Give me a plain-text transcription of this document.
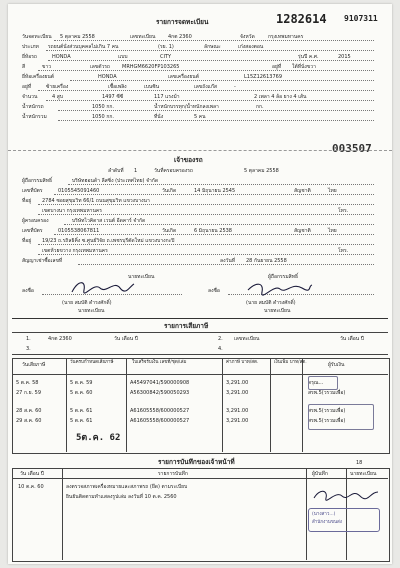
รายการจดทะเบียน	1282614 9107311
วันจดทะเบียน 5 ตุลาคม 2558	เลขทะเบียน	4กต 2360	จังหวัด	กรุงเทพมหานคร
ประเภท รถยนต์นั่งส่วนบุคคลไม่เกิน 7 คน	(รย. 1)	ลักษณะ	เก๋งสองตอน
ยี่ห้อรถ	HONDA	แบบ	CITY	รุ่นปี ค.ศ.	2015
สี	ขาว	เลขตัวรถ MRHGM6620FP103265	อยู่ที่ ใต้ที่นั่งขวา
ยี่ห้อเครื่องยนต์	HONDA	เลขเครื่องยนต์	L15Z12613769
อยู่ที่	ซ้ายเครื่อง	เชื้อเพลิง	เบนซิน	เลขถังแก๊ส	-
จำนวน	4 สูบ	1497 ซีซี	117 แรงม้า	2 เพลา 4 ล้อ ยาง 4 เส้น
น้ำหนักรถ	1050 กก.	น้ำหนักบรรทุก/น้ำหนักลงเพลา	กก.
น้ำหนักรวม	1050 กก.	ที่นั่ง	5 คน
003507
เจ้าของรถ
ลำดับที่ 1	วันที่ครอบครองรถ	5 ตุลาคม 2558
ผู้ถือกรรมสิทธิ์	บริษัทฮอนด้า ลีสซิ่ง (ประเทศไทย) จำกัด
เลขที่บัตร	0105545091460	วันเกิด	14 มิถุนายน 2545	สัญชาติ	ไทย
ที่อยู่ 2784 ซอยสุขุมวิท 66/1 ถนนสุขุมวิท แขวงบางนา
เขตบางนา กรุงเทพมหานคร	โทร.
ผู้ครอบครอง	บริษัทไวคิดาส เวนต์ อีดคาร์ จำกัด
เลขที่บัตร	0105538067811	วันเกิด	6 มิถุนายน 2538	สัญชาติ	ไทย
ที่อยู่ 19/23 ถ.รถิลธิคิ๋ง ซ.ศูนย์วิจัย ถ.เพชรบุรีตัดใหม่ แขวงบางกะปิ
เขตห้วยขวาง กรุงเทพมหานคร	โทร.
สัญญาเช่าซื้อเลขที่	ลงวันที่ 28 กันยายน 2558
นายทะเบียน	ผู้ถือกรรมสิทธิ์
ลงชื่อ	ลงชื่อ
(นาย สมบัติ ดำรงศักดิ์)	(นาย สมบัติ ดำรงศักดิ์)
นายทะเบียน	นายทะเบียน
รายการเสียภาษี
1.	4กต 2360	วัน เดือน ปี	2. เลขทะเบียน	วัน เดือน ปี
3.	4.
วันเสียภาษี	วันครบกำหนดเสียภาษี	ใบเสร็จรับเงิน เลขที่/ชุด/เล่ม	ค่าภาษี บาท/สต.	เงินเพิ่ม บาท/สต.	ผู้รับเงิน
5 ต.ค. 58	5 ต.ค. 59	A45497041/590000908	3,291.00	ดรุณ...
27 ก.ย. 59	5 ต.ค. 60	A56300842/590050293	3,291.00	สรพ.5(วรวมเพื่อ)
28 ส.ค. 60	5 ต.ค. 61	A61605558/600000527	3,291.00	สรพ.5(วรวมเพื่อ)
29 ส.ค. 60	5 ต.ค. 61	A61605558/600000527	3,291.00	สรพ.5(วรวมเพื่อ)
5ต.ค. 62
รายการบันทึกของเจ้าหน้าที่	18
วัน เดือน ปี	รายการบันทึก	ผู้บันทึก	นายทะเบียน
10 ต.ค. 60	ลงตรวจสภาพเครื่องหมายและสภาพรถ (ยึด) ตามระเบียบ
ยินยันติดตามทำแสลงรูปเล่ม ลงวันที่ 10 ต.ค. 2560
(นางสาว...)
สำนักงานขนส่ง
